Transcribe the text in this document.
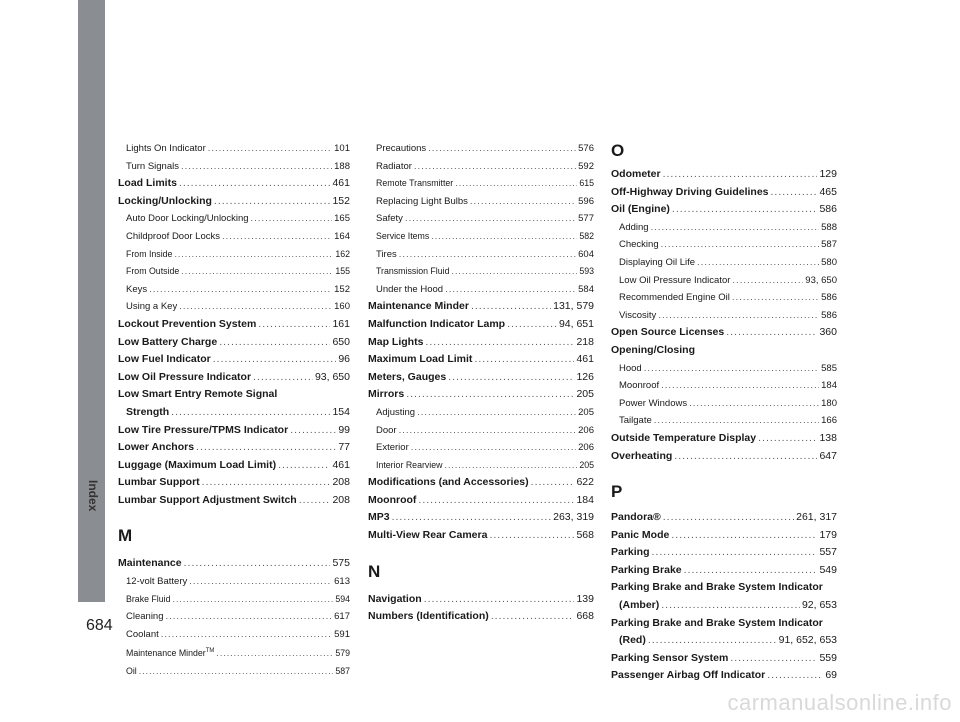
Index
684
carmanualsonline.info
Lights On Indicator .....	101
Turn Signals .....	188
Load Limits .....	461
Locking/Unlocking .....	152
Auto Door Locking/Unlocking .....	165
Childproof Door Locks .....	164
From Inside .....	162
From Outside .....	155
Keys .....	152
Using a Key .....	160
Lockout Prevention System .....	161
Low Battery Charge .....	650
Low Fuel Indicator .....	96
Low Oil Pressure Indicator .....	93, 650
Low Smart Entry Remote Signal
Strength .....	154
Low Tire Pressure/TPMS Indicator .....	99
Lower Anchors .....	77
Luggage (Maximum Load Limit) .....	461
Lumbar Support .....	208
Lumbar Support Adjustment Switch .....	208
M
Maintenance .....	575
12-volt Battery .....	613
Brake Fluid .....	594
Cleaning .....	617
Coolant .....	591
Maintenance Minder™ .....	579
Oil .....	587
Precautions .....	576
Radiator .....	592
Remote Transmitter .....	615
Replacing Light Bulbs .....	596
Safety .....	577
Service Items .....	582
Tires .....	604
Transmission Fluid .....	593
Under the Hood .....	584
Maintenance Minder .....	131, 579
Malfunction Indicator Lamp .....	94, 651
Map Lights .....	218
Maximum Load Limit .....	461
Meters, Gauges .....	126
Mirrors .....	205
Adjusting .....	205
Door .....	206
Exterior .....	206
Interior Rearview .....	205
Modifications (and Accessories) .....	622
Moonroof .....	184
MP3 .....	263, 319
Multi-View Rear Camera .....	568
N
Navigation .....	139
Numbers (Identification) .....	668
O
Odometer .....	129
Off-Highway Driving Guidelines .....	465
Oil (Engine) .....	586
Adding .....	588
Checking .....	587
Displaying Oil Life .....	580
Low Oil Pressure Indicator .....	93, 650
Recommended Engine Oil .....	586
Viscosity .....	586
Open Source Licenses .....	360
Opening/Closing
Hood .....	585
Moonroof .....	184
Power Windows .....	180
Tailgate .....	166
Outside Temperature Display .....	138
Overheating .....	647
P
Pandora® .....	261, 317
Panic Mode .....	179
Parking .....	557
Parking Brake .....	549
Parking Brake and Brake System Indicator
(Amber) .....	92, 653
Parking Brake and Brake System Indicator
(Red) .....	91, 652, 653
Parking Sensor System .....	559
Passenger Airbag Off Indicator .....	69
